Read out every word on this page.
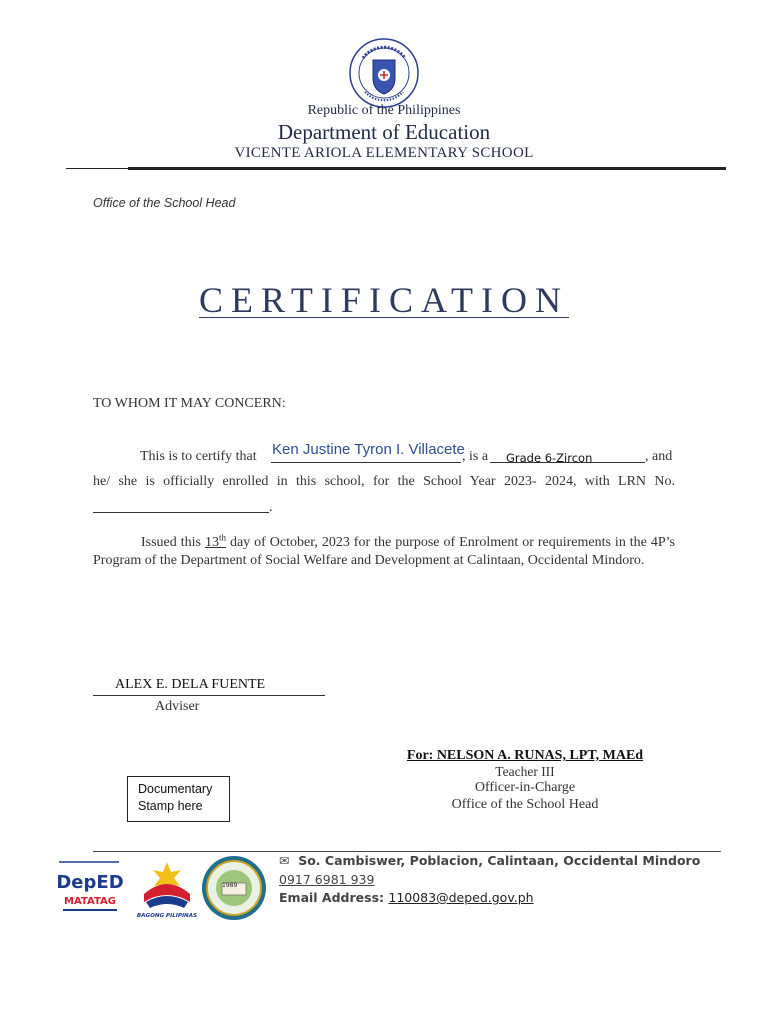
Republic of the Philippines
Department of Education
VICENTE ARIOLA ELEMENTARY SCHOOL
Office of the School Head
CERTIFICATION
TO WHOM IT MAY CONCERN:
This is to certify that Ken Justine Tyron I. Villacete
, is a Grade 6-Zircon	, and
he/ she is officially enrolled in this school, for the School Year 2023- 2024, with LRN No.
.
Issued this 13th day of October, 2023 for the purpose of Enrolment or requirements in the 4P’s Program of the Department of Social Welfare and Development at Calintaan, Occidental Mindoro.
ALEX E. DELA FUENTE
Adviser
For: NELSON A. RUNAS, LPT, MAEd
Teacher III
Officer-in-Charge
Office of the School Head
Documentary Stamp here
DepED
MATATAG
BAGONG PILIPINAS
1989
✉ So. Cambiswer, Poblacion, Calintaan, Occidental Mindoro
0917 6981 939
Email Address: 110083@deped.gov.ph
